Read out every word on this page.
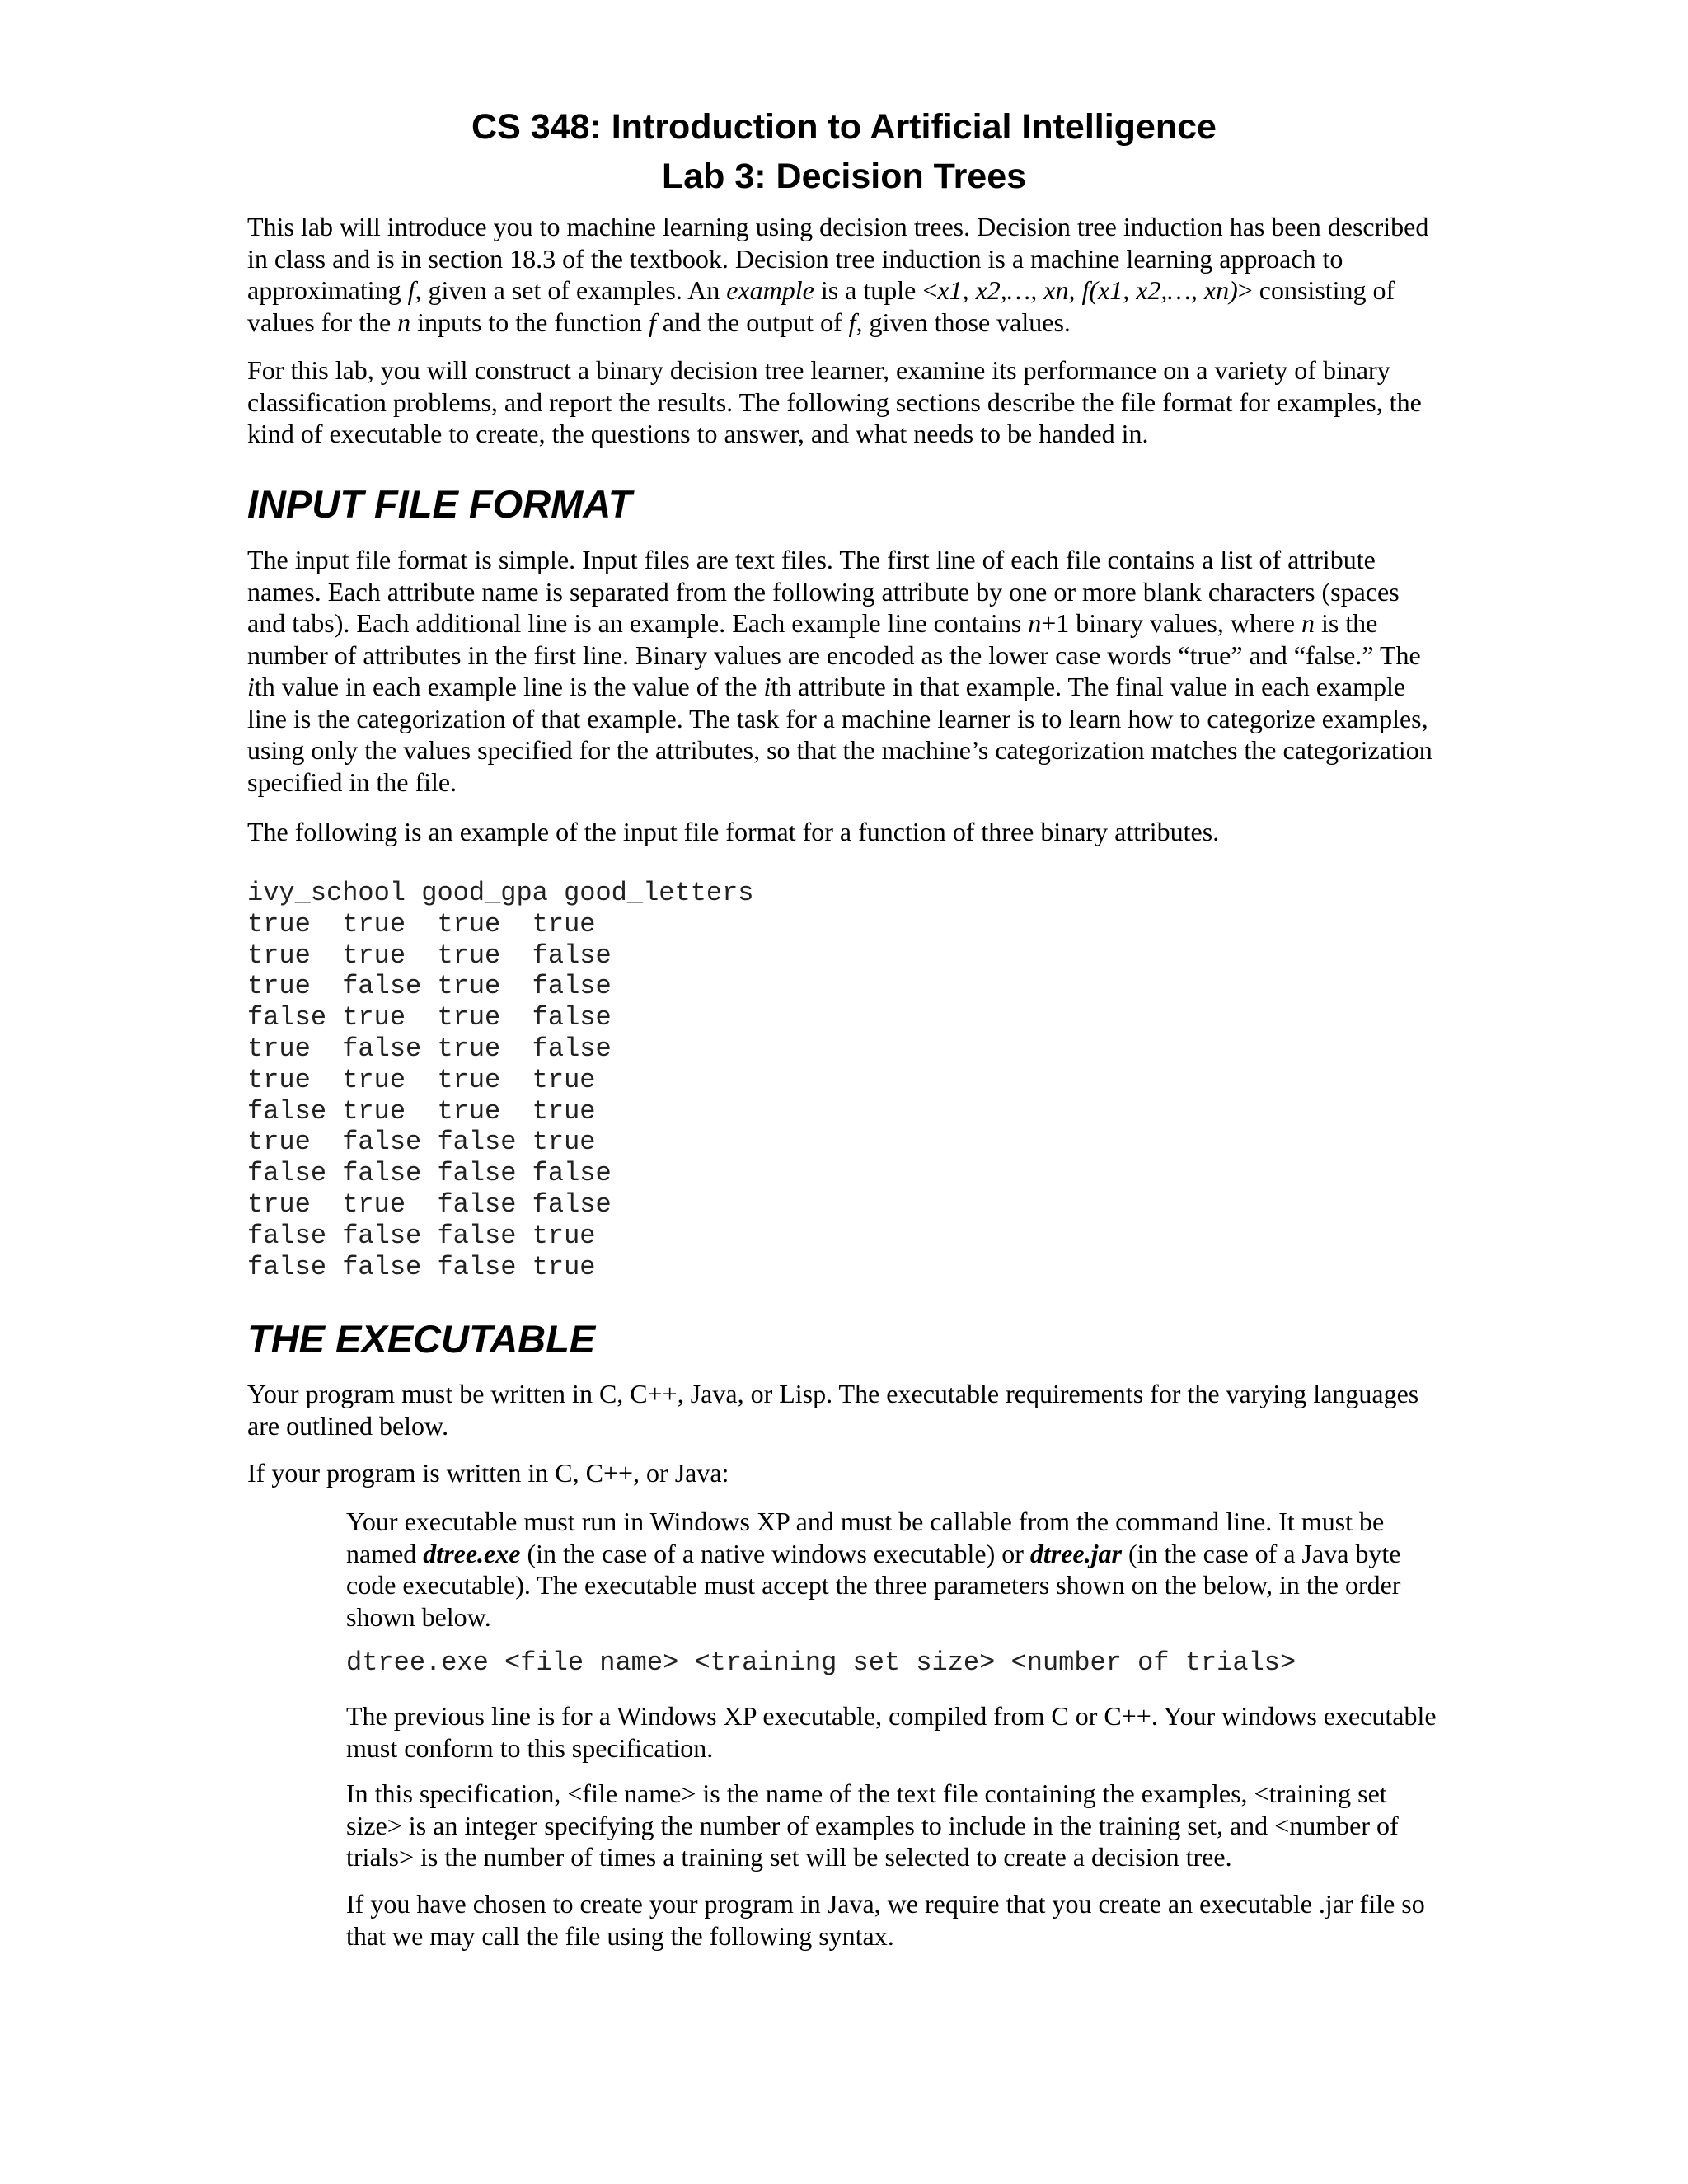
CS 348: Introduction to Artificial Intelligence
Lab 3: Decision Trees

This lab will introduce you to machine learning using decision trees. Decision tree induction has been described in class and is in section 18.3 of the textbook. Decision tree induction is a machine learning approach to approximating f, given a set of examples. An example is a tuple <x1, x2,…, xn, f(x1, x2,…, xn)> consisting of values for the n inputs to the function f and the output of f, given those values.

For this lab, you will construct a binary decision tree learner, examine its performance on a variety of binary classification problems, and report the results. The following sections describe the file format for examples, the kind of executable to create, the questions to answer, and what needs to be handed in.

INPUT FILE FORMAT

The input file format is simple. Input files are text files. The first line of each file contains a list of attribute names. Each attribute name is separated from the following attribute by one or more blank characters (spaces and tabs). Each additional line is an example. Each example line contains n+1 binary values, where n is the number of attributes in the first line. Binary values are encoded as the lower case words “true” and “false.” The ith value in each example line is the value of the ith attribute in that example. The final value in each example line is the categorization of that example. The task for a machine learner is to learn how to categorize examples, using only the values specified for the attributes, so that the machine’s categorization matches the categorization specified in the file.

The following is an example of the input file format for a function of three binary attributes.

ivy_school good_gpa good_letters
true  true  true  true
true  true  true  false
true  false true  false
false true  true  false
true  false true  false
true  true  true  true
false true  true  true
true  false false true
false false false false
true  true  false false
false false false true
false false false true
THE EXECUTABLE

Your program must be written in C, C++, Java, or Lisp. The executable requirements for the varying languages are outlined below.

If your program is written in C, C++, or Java:

Your executable must run in Windows XP and must be callable from the command line. It must be named dtree.exe (in the case of a native windows executable) or dtree.jar (in the case of a Java byte code executable). The executable must accept the three parameters shown on the below, in the order shown below.

dtree.exe <file name> <training set size> <number of trials>

The previous line is for a Windows XP executable, compiled from C or C++. Your windows executable must conform to this specification.

In this specification, <file name> is the name of the text file containing the examples, <training set size> is an integer specifying the number of examples to include in the training set, and <number of trials> is the number of times a training set will be selected to create a decision tree.

If you have chosen to create your program in Java, we require that you create an executable .jar file so that we may call the file using the following syntax.
